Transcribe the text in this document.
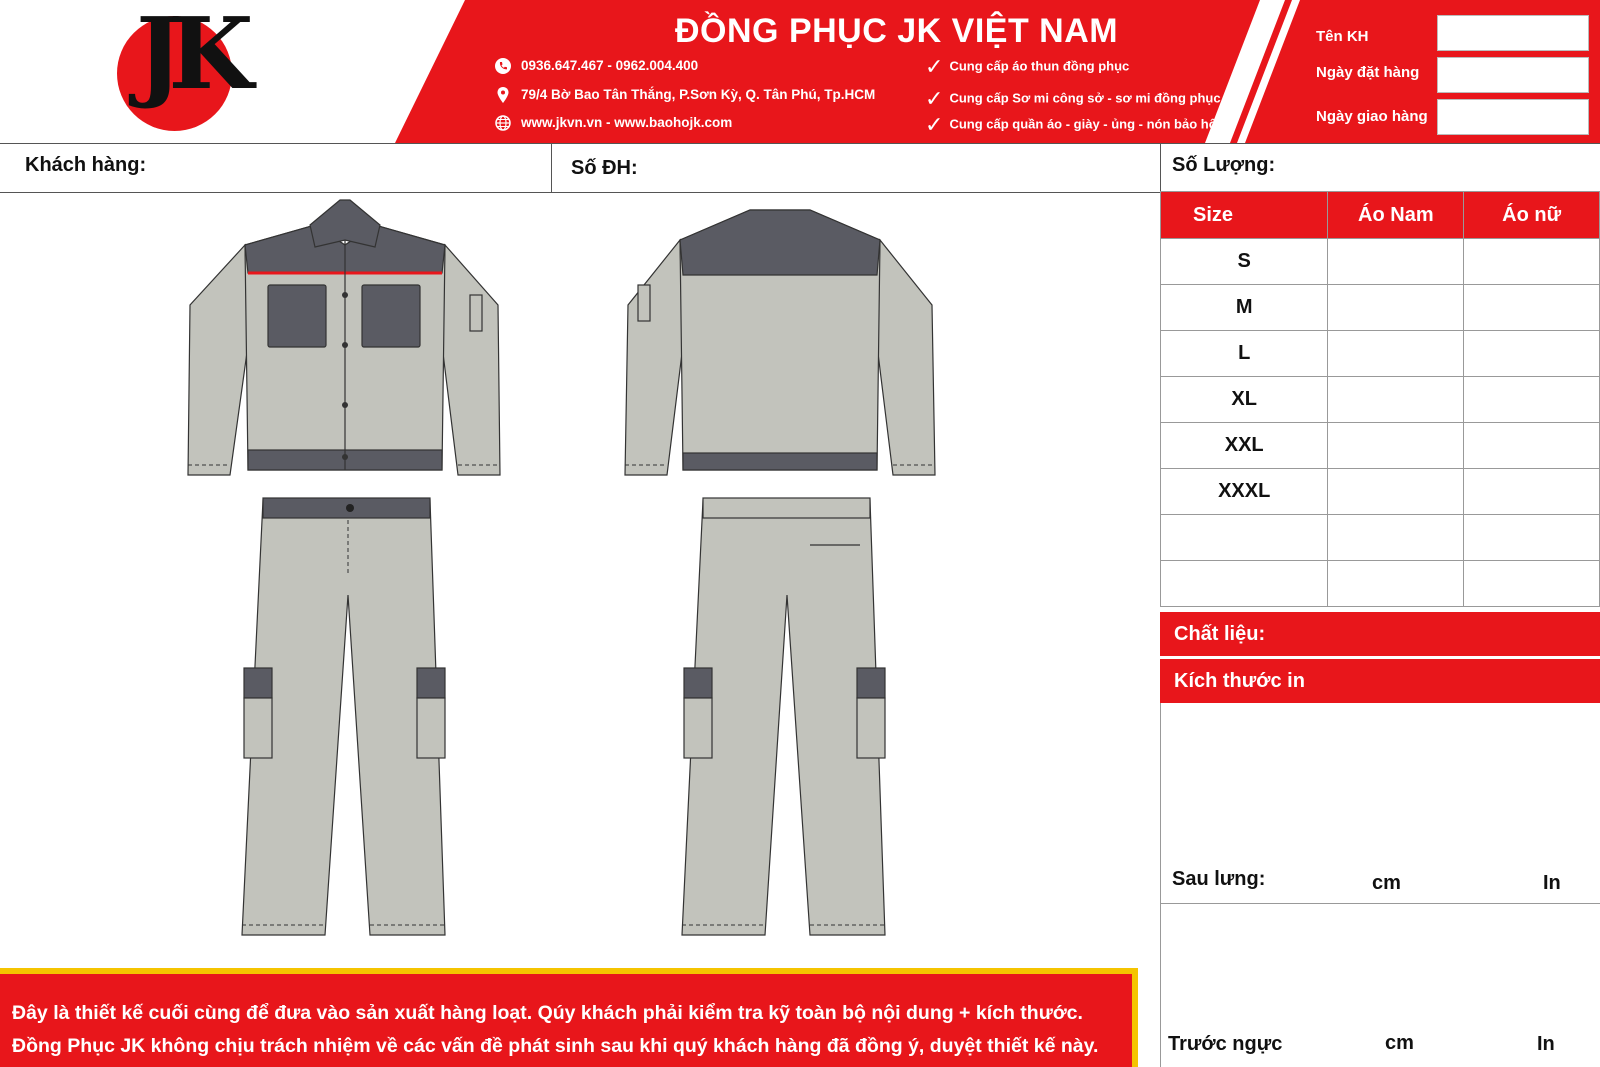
JK	ĐỒNG PHỤC JK VIỆT NAM
0936.647.467 - 0962.004.400
79/4 Bờ Bao Tân Thắng, P.Sơn Kỳ, Q. Tân Phú, Tp.HCM
www.jkvn.vn - www.baohojk.com
✓ Cung cấp áo thun đồng phục
✓ Cung cấp Sơ mi công sở - sơ mi đồng phục
✓ Cung cấp quần áo - giày - ủng - nón bảo hộ...
Tên KH
Ngày đặt hàng
Ngày giao hàng
Khách hàng:	Số ĐH:	Số Lượng:
Size	Áo Nam	Áo nữ
S		
M		
L		
XL		
XXL		
XXXL		

Chất liệu:
Kích thước in
Sau lưng:	cm	In
Trước ngực	cm	In
Đây là thiết kế cuối cùng để đưa vào sản xuất hàng loạt. Qúy khách phải kiểm tra kỹ toàn bộ nội dung + kích thước.
Đồng Phục JK không chịu trách nhiệm về các vấn đề phát sinh sau khi quý khách hàng đã đồng ý, duyệt thiết kế này.
